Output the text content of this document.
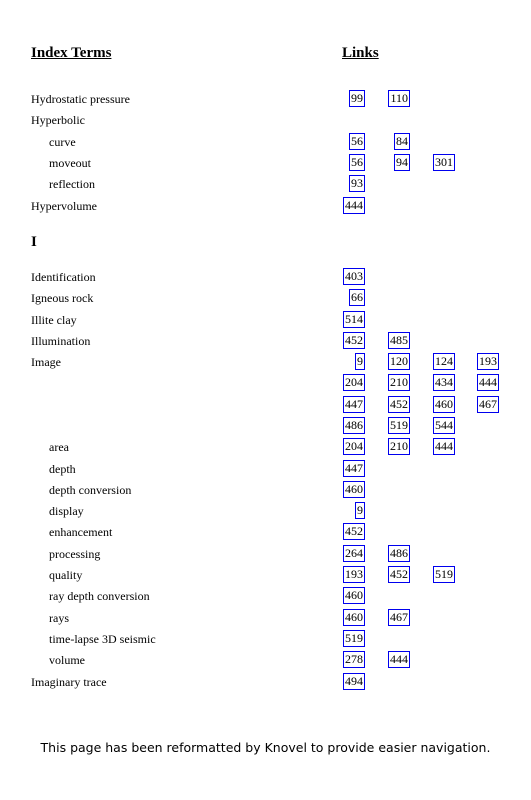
Index Terms	Links
Hydrostatic pressure	99 110
Hyperbolic
curve	56	84
moveout	56	94 301
reflection	93
Hypervolume	444
I
Identification	403
Igneous rock	66
Illite clay	514
Illumination	452 485
Image	9 120 124 193
204 210 434 444
447 452 460 467
486 519 544
area	204 210 444
depth	447
depth conversion	460
display	9
enhancement	452
processing	264 486
quality	193 452 519
ray depth conversion	460
rays	460 467
time-lapse 3D seismic	519
volume	278 444
Imaginary trace	494
This page has been reformatted by Knovel to provide easier navigation.
